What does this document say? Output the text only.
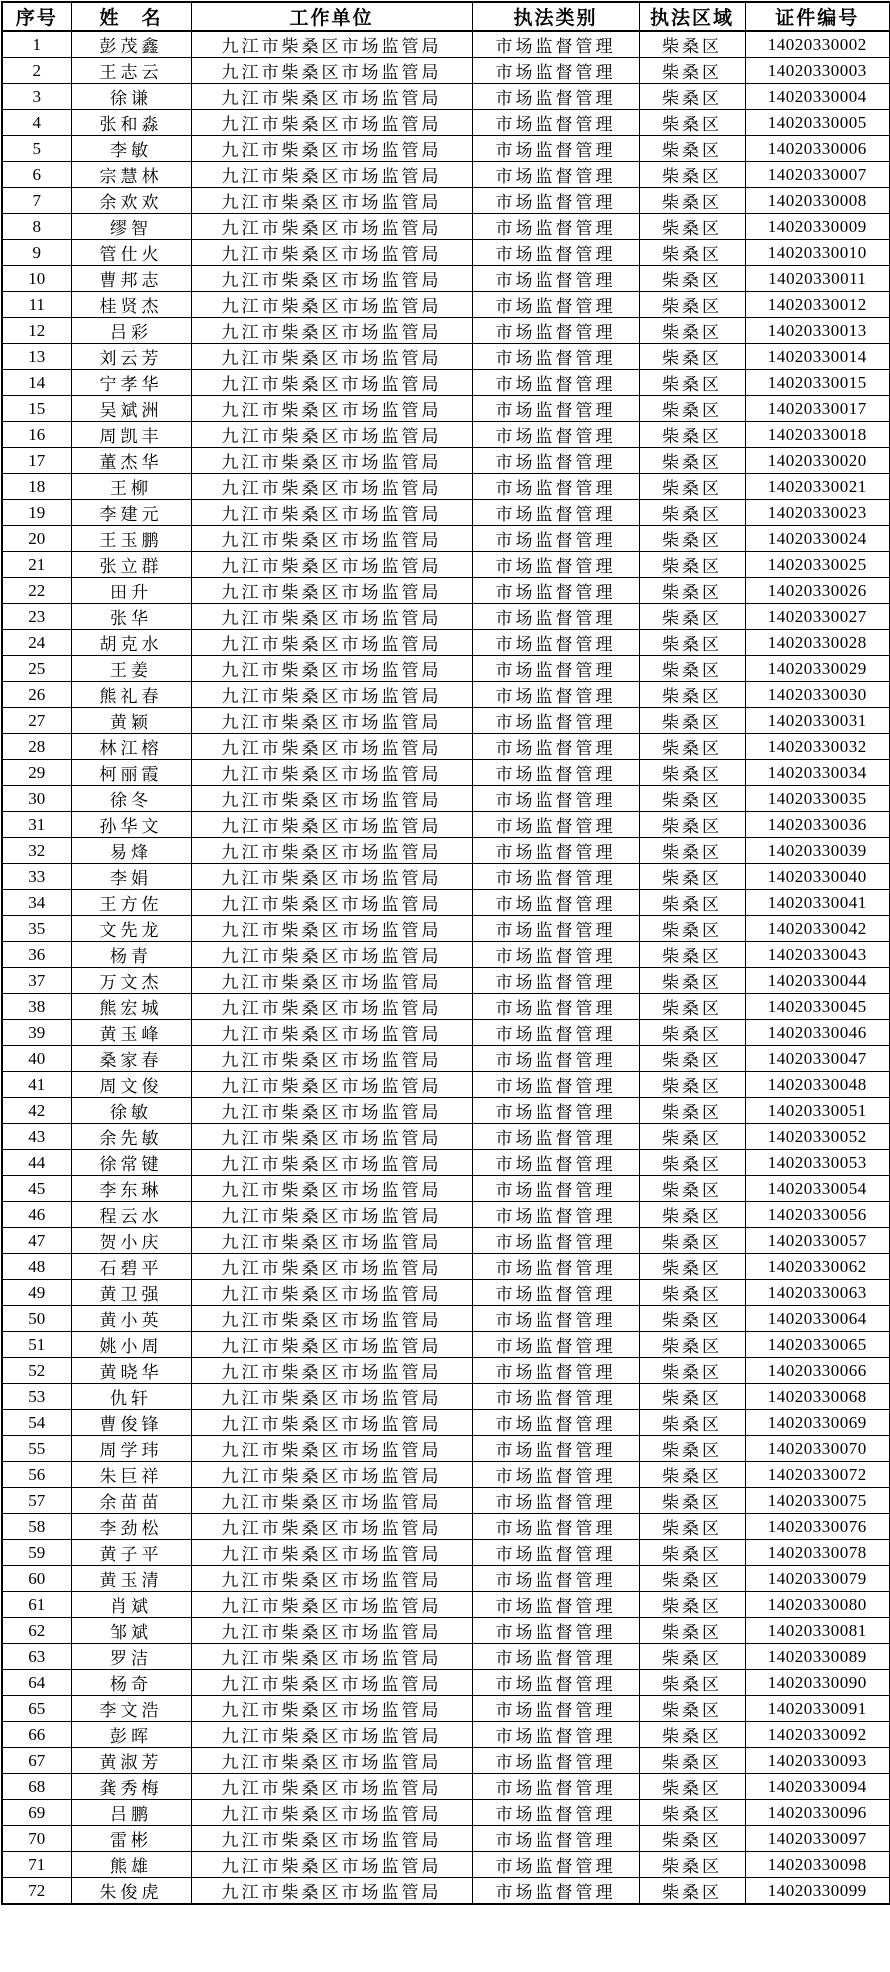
序号	姓　名	工作单位	执法类别	执法区域	证件编号
1	彭茂鑫	九江市柴桑区市场监管局	市场监督管理	柴桑区	14020330002
2	王志云	九江市柴桑区市场监管局	市场监督管理	柴桑区	14020330003
3	徐谦	九江市柴桑区市场监管局	市场监督管理	柴桑区	14020330004
4	张和淼	九江市柴桑区市场监管局	市场监督管理	柴桑区	14020330005
5	李敏	九江市柴桑区市场监管局	市场监督管理	柴桑区	14020330006
6	宗慧林	九江市柴桑区市场监管局	市场监督管理	柴桑区	14020330007
7	余欢欢	九江市柴桑区市场监管局	市场监督管理	柴桑区	14020330008
8	缪智	九江市柴桑区市场监管局	市场监督管理	柴桑区	14020330009
9	管仕火	九江市柴桑区市场监管局	市场监督管理	柴桑区	14020330010
10	曹邦志	九江市柴桑区市场监管局	市场监督管理	柴桑区	14020330011
11	桂贤杰	九江市柴桑区市场监管局	市场监督管理	柴桑区	14020330012
12	吕彩	九江市柴桑区市场监管局	市场监督管理	柴桑区	14020330013
13	刘云芳	九江市柴桑区市场监管局	市场监督管理	柴桑区	14020330014
14	宁孝华	九江市柴桑区市场监管局	市场监督管理	柴桑区	14020330015
15	吴斌洲	九江市柴桑区市场监管局	市场监督管理	柴桑区	14020330017
16	周凯丰	九江市柴桑区市场监管局	市场监督管理	柴桑区	14020330018
17	董杰华	九江市柴桑区市场监管局	市场监督管理	柴桑区	14020330020
18	王柳	九江市柴桑区市场监管局	市场监督管理	柴桑区	14020330021
19	李建元	九江市柴桑区市场监管局	市场监督管理	柴桑区	14020330023
20	王玉鹏	九江市柴桑区市场监管局	市场监督管理	柴桑区	14020330024
21	张立群	九江市柴桑区市场监管局	市场监督管理	柴桑区	14020330025
22	田升	九江市柴桑区市场监管局	市场监督管理	柴桑区	14020330026
23	张华	九江市柴桑区市场监管局	市场监督管理	柴桑区	14020330027
24	胡克水	九江市柴桑区市场监管局	市场监督管理	柴桑区	14020330028
25	王姜	九江市柴桑区市场监管局	市场监督管理	柴桑区	14020330029
26	熊礼春	九江市柴桑区市场监管局	市场监督管理	柴桑区	14020330030
27	黄颖	九江市柴桑区市场监管局	市场监督管理	柴桑区	14020330031
28	林江榕	九江市柴桑区市场监管局	市场监督管理	柴桑区	14020330032
29	柯丽霞	九江市柴桑区市场监管局	市场监督管理	柴桑区	14020330034
30	徐冬	九江市柴桑区市场监管局	市场监督管理	柴桑区	14020330035
31	孙华文	九江市柴桑区市场监管局	市场监督管理	柴桑区	14020330036
32	易烽	九江市柴桑区市场监管局	市场监督管理	柴桑区	14020330039
33	李娟	九江市柴桑区市场监管局	市场监督管理	柴桑区	14020330040
34	王方佐	九江市柴桑区市场监管局	市场监督管理	柴桑区	14020330041
35	文先龙	九江市柴桑区市场监管局	市场监督管理	柴桑区	14020330042
36	杨青	九江市柴桑区市场监管局	市场监督管理	柴桑区	14020330043
37	万文杰	九江市柴桑区市场监管局	市场监督管理	柴桑区	14020330044
38	熊宏城	九江市柴桑区市场监管局	市场监督管理	柴桑区	14020330045
39	黄玉峰	九江市柴桑区市场监管局	市场监督管理	柴桑区	14020330046
40	桑家春	九江市柴桑区市场监管局	市场监督管理	柴桑区	14020330047
41	周文俊	九江市柴桑区市场监管局	市场监督管理	柴桑区	14020330048
42	徐敏	九江市柴桑区市场监管局	市场监督管理	柴桑区	14020330051
43	余先敏	九江市柴桑区市场监管局	市场监督管理	柴桑区	14020330052
44	徐常键	九江市柴桑区市场监管局	市场监督管理	柴桑区	14020330053
45	李东琳	九江市柴桑区市场监管局	市场监督管理	柴桑区	14020330054
46	程云水	九江市柴桑区市场监管局	市场监督管理	柴桑区	14020330056
47	贺小庆	九江市柴桑区市场监管局	市场监督管理	柴桑区	14020330057
48	石碧平	九江市柴桑区市场监管局	市场监督管理	柴桑区	14020330062
49	黄卫强	九江市柴桑区市场监管局	市场监督管理	柴桑区	14020330063
50	黄小英	九江市柴桑区市场监管局	市场监督管理	柴桑区	14020330064
51	姚小周	九江市柴桑区市场监管局	市场监督管理	柴桑区	14020330065
52	黄晓华	九江市柴桑区市场监管局	市场监督管理	柴桑区	14020330066
53	仇轩	九江市柴桑区市场监管局	市场监督管理	柴桑区	14020330068
54	曹俊锋	九江市柴桑区市场监管局	市场监督管理	柴桑区	14020330069
55	周学玮	九江市柴桑区市场监管局	市场监督管理	柴桑区	14020330070
56	朱巨祥	九江市柴桑区市场监管局	市场监督管理	柴桑区	14020330072
57	余苗苗	九江市柴桑区市场监管局	市场监督管理	柴桑区	14020330075
58	李劲松	九江市柴桑区市场监管局	市场监督管理	柴桑区	14020330076
59	黄子平	九江市柴桑区市场监管局	市场监督管理	柴桑区	14020330078
60	黄玉清	九江市柴桑区市场监管局	市场监督管理	柴桑区	14020330079
61	肖斌	九江市柴桑区市场监管局	市场监督管理	柴桑区	14020330080
62	邹斌	九江市柴桑区市场监管局	市场监督管理	柴桑区	14020330081
63	罗洁	九江市柴桑区市场监管局	市场监督管理	柴桑区	14020330089
64	杨奇	九江市柴桑区市场监管局	市场监督管理	柴桑区	14020330090
65	李文浩	九江市柴桑区市场监管局	市场监督管理	柴桑区	14020330091
66	彭晖	九江市柴桑区市场监管局	市场监督管理	柴桑区	14020330092
67	黄淑芳	九江市柴桑区市场监管局	市场监督管理	柴桑区	14020330093
68	龚秀梅	九江市柴桑区市场监管局	市场监督管理	柴桑区	14020330094
69	吕鹏	九江市柴桑区市场监管局	市场监督管理	柴桑区	14020330096
70	雷彬	九江市柴桑区市场监管局	市场监督管理	柴桑区	14020330097
71	熊雄	九江市柴桑区市场监管局	市场监督管理	柴桑区	14020330098
72	朱俊虎	九江市柴桑区市场监管局	市场监督管理	柴桑区	14020330099
